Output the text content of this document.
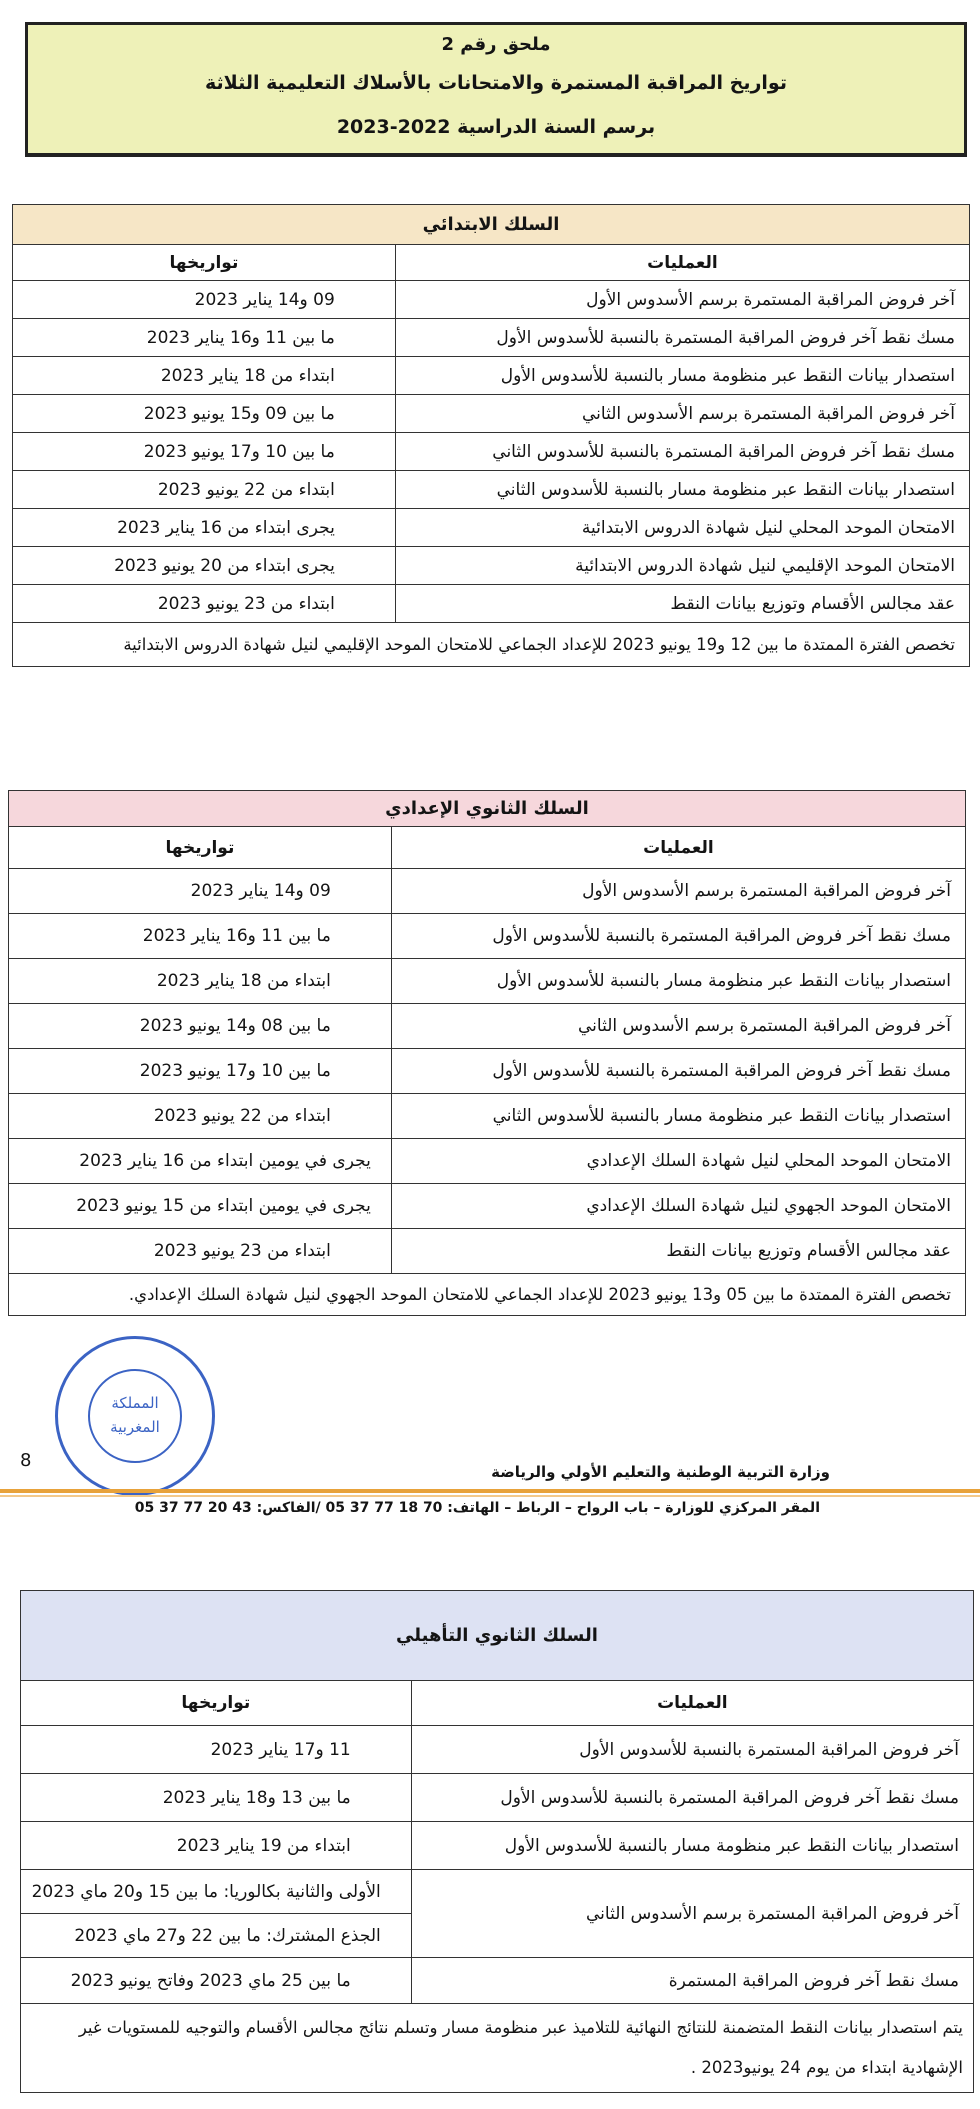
ملحق رقم 2
تواريخ المراقبة المستمرة والامتحانات بالأسلاك التعليمية الثلاثة
برسم السنة الدراسية 2022-2023
السلك الابتدائي	
العمليات	تواريخها
آخر فروض المراقبة المستمرة برسم الأسدوس الأول	09 و14 يناير 2023
مسك نقط آخر فروض المراقبة المستمرة بالنسبة للأسدوس الأول	ما بين 11 و16 يناير 2023
استصدار بيانات النقط عبر منظومة مسار بالنسبة للأسدوس الأول	ابتداء من 18 يناير 2023
آخر فروض المراقبة المستمرة برسم الأسدوس الثاني	ما بين 09 و15 يونيو 2023
مسك نقط آخر فروض المراقبة المستمرة بالنسبة للأسدوس الثاني	ما بين 10 و17 يونيو 2023
استصدار بيانات النقط عبر منظومة مسار بالنسبة للأسدوس الثاني	ابتداء من 22 يونيو 2023
الامتحان الموحد المحلي لنيل شهادة الدروس الابتدائية	يجرى ابتداء من 16 يناير 2023
الامتحان الموحد الإقليمي لنيل شهادة الدروس الابتدائية	يجرى ابتداء من 20 يونيو 2023
عقد مجالس الأقسام وتوزيع بيانات النقط	ابتداء من 23 يونيو 2023
تخصص الفترة الممتدة ما بين 12 و19 يونيو 2023 للإعداد الجماعي للامتحان الموحد الإقليمي لنيل شهادة الدروس الابتدائية	
السلك الثانوي الإعدادي	
العمليات	تواريخها
آخر فروض المراقبة المستمرة برسم الأسدوس الأول	09 و14 يناير 2023
مسك نقط آخر فروض المراقبة المستمرة بالنسبة للأسدوس الأول	ما بين 11 و16 يناير 2023
استصدار بيانات النقط عبر منظومة مسار بالنسبة للأسدوس الأول	ابتداء من 18 يناير 2023
آخر فروض المراقبة المستمرة برسم الأسدوس الثاني	ما بين 08 و14 يونيو 2023
مسك نقط آخر فروض المراقبة المستمرة بالنسبة للأسدوس الأول	ما بين 10 و17 يونيو 2023
استصدار بيانات النقط عبر منظومة مسار بالنسبة للأسدوس الثاني	ابتداء من 22 يونيو 2023
الامتحان الموحد المحلي لنيل شهادة السلك الإعدادي	يجرى في يومين ابتداء من 16 يناير 2023
الامتحان الموحد الجهوي لنيل شهادة السلك الإعدادي	يجرى في يومين ابتداء من 15 يونيو 2023
عقد مجالس الأقسام وتوزيع بيانات النقط	ابتداء من 23 يونيو 2023
تخصص الفترة الممتدة ما بين 05 و13 يونيو 2023 للإعداد الجماعي للامتحان الموحد الجهوي لنيل شهادة السلك الإعدادي.	
المملكة
المغربية
8
وزارة التربية الوطنية والتعليم الأولي والرياضة
المقر المركزي للوزارة – باب الرواح – الرباط – الهاتف: 70 18 77 37 05 /الفاكس: 43 20 77 37 05
السلك الثانوي التأهيلي	
العمليات	تواريخها
آخر فروض المراقبة المستمرة بالنسبة للأسدوس الأول	11 و17 يناير 2023
مسك نقط آخر فروض المراقبة المستمرة بالنسبة للأسدوس الأول	ما بين 13 و18 يناير 2023
استصدار بيانات النقط عبر منظومة مسار بالنسبة للأسدوس الأول	ابتداء من 19 يناير 2023
آخر فروض المراقبة المستمرة برسم الأسدوس الثاني	الأولى والثانية بكالوريا: ما بين 15 و20 ماي 2023
	الجذع المشترك: ما بين 22 و27 ماي 2023
مسك نقط آخر فروض المراقبة المستمرة	ما بين 25 ماي 2023 وفاتح يونيو 2023
يتم استصدار بيانات النقط المتضمنة للنتائج النهائية للتلاميذ عبر منظومة مسار وتسلم نتائج مجالس الأقسام والتوجيه للمستويات غير الإشهادية ابتداء من يوم 24 يونيو2023 .	
